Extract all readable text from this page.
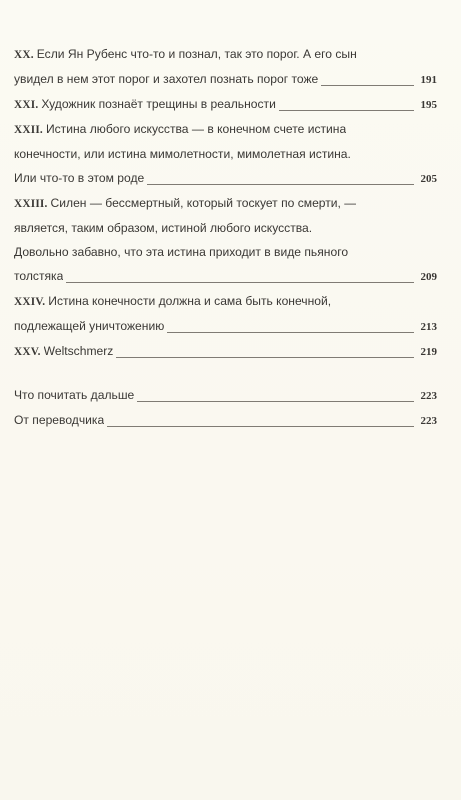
XX. Если Ян Рубенс что-то и познал, так это порог. А его сын
увидел в нем этот порог и захотел познать порог тоже	191
XXI. Художник познаёт трещины в реальности	195
XXII. Истина любого искусства — в конечном счете истина
конечности, или истина мимолетности, мимолетная истина.
Или что-то в этом роде	205
XXIII. Силен — бессмертный, который тоскует по смерти, —
является, таким образом, истиной любого искусства.
Довольно забавно, что эта истина приходит в виде пьяного
толстяка	209
XXIV. Истина конечности должна и сама быть конечной,
подлежащей уничтожению	213
XXV. Weltschmerz	219
Что почитать дальше	223
От переводчика	223
